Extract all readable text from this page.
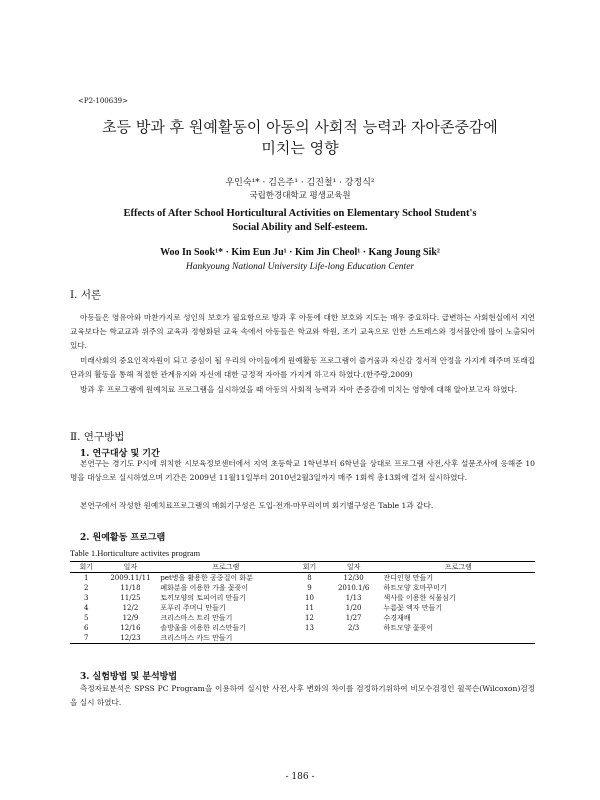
<P2-100639>
초등 방과 후 원예활동이 아동의 사회적 능력과 자아존중감에
미치는 영향
우인숙¹* · 김은주¹ · 김진철¹ · 강정식²
국립한경대학교 평생교육원
Effects of After School Horticultural Activities on Elementary School Student's
Social Ability and Self-esteem.
Woo In Sook¹* · Kim Eun Ju¹ · Kim Jin Cheol¹ · Kang Joung Sik²
Hankyoung National University Life-long Education Center
I. 서론
아동들은 영유아와 마찬가지로 성인의 보호가 필요함으로 방과 후 아동에 대한 보호와 지도는 매우 중요하다. 급변하는 사회현실에서 지연교육보다는 학교교과 위주의 교육과 정형화된 교육 속에서 아동들은 학교와 학원, 조기 교육으로 인한 스트레스와 정서불안에 많이 노출되어 있다.
미래사회의 중요인적자원이 되고 중심이 될 우리의 아이들에게 원예활동 프로그램이 즐거움과 자신감 정서적 안정을 가지게 해주며 또래집단과의 활동을 통해 적절한 관계유지와 자신에 대한 긍정적 자아를 가지게 하고자 하였다.(한주랑,2009)
방과 후 프로그램에 원예치료 프로그램을 실시하였을 때 아동의 사회적 능력과 자아 존중감에 미치는 영향에 대해 알아보고자 하였다.
Ⅱ. 연구방법
1. 연구대상 및 기간
본연구는 경기도 P시에 위치한 시보육정보센터에서 지역 초등학교 1학년부터 6학년을 상대로 프로그램 사전,사후 설문조사에 응해준 10명을 대상으로 실시하였으며 기간은 2009년 11월11일부터 2010년2월3일까지 매주 1회씩 총13회에 걸쳐 실시하였다.
본연구에서 작성한 원예치료프로그램의 매회기구성은 도입-전개-마무리이며 회기별구성은 Table 1과 같다.
2. 원예활동 프로그램
Table 1.Horticulture activites program
회기	일자	프로그램	회기	일자	프로그램
1	2009.11/11	pet병을 활용한 공중걸이 화분	8	12/30	잔디인형 만들기
2	11/18	폐화분을 이용한 가을 꽃꽂이	9	2010.1/6	하트모양 호마꾸미기
3	11/25	토끼모양의 토피어리 만들기	10	1/13	색사를 이용한 식물심기
4	12/2	포푸리 주머니 만들기	11	1/20	누름꽃 액자 만들기
5	12/9	크리스마스 트리 만들기	12	1/27	수경재배
6	12/16	솔방울을 이용한 리스만들기	13	2/3	하트모양 꽃꽂이
7	12/23	크리스마스 카드 만들기			
3. 실험방법 및 분석방법
측정자료분석은 SPSS PC Program을 이용하여 실시한 사전,사후 변화의 차이를 검정하기위하여 비모수검정인 윌콕슨(Wilcoxon)검정을 실시 하였다.
- 186 -
